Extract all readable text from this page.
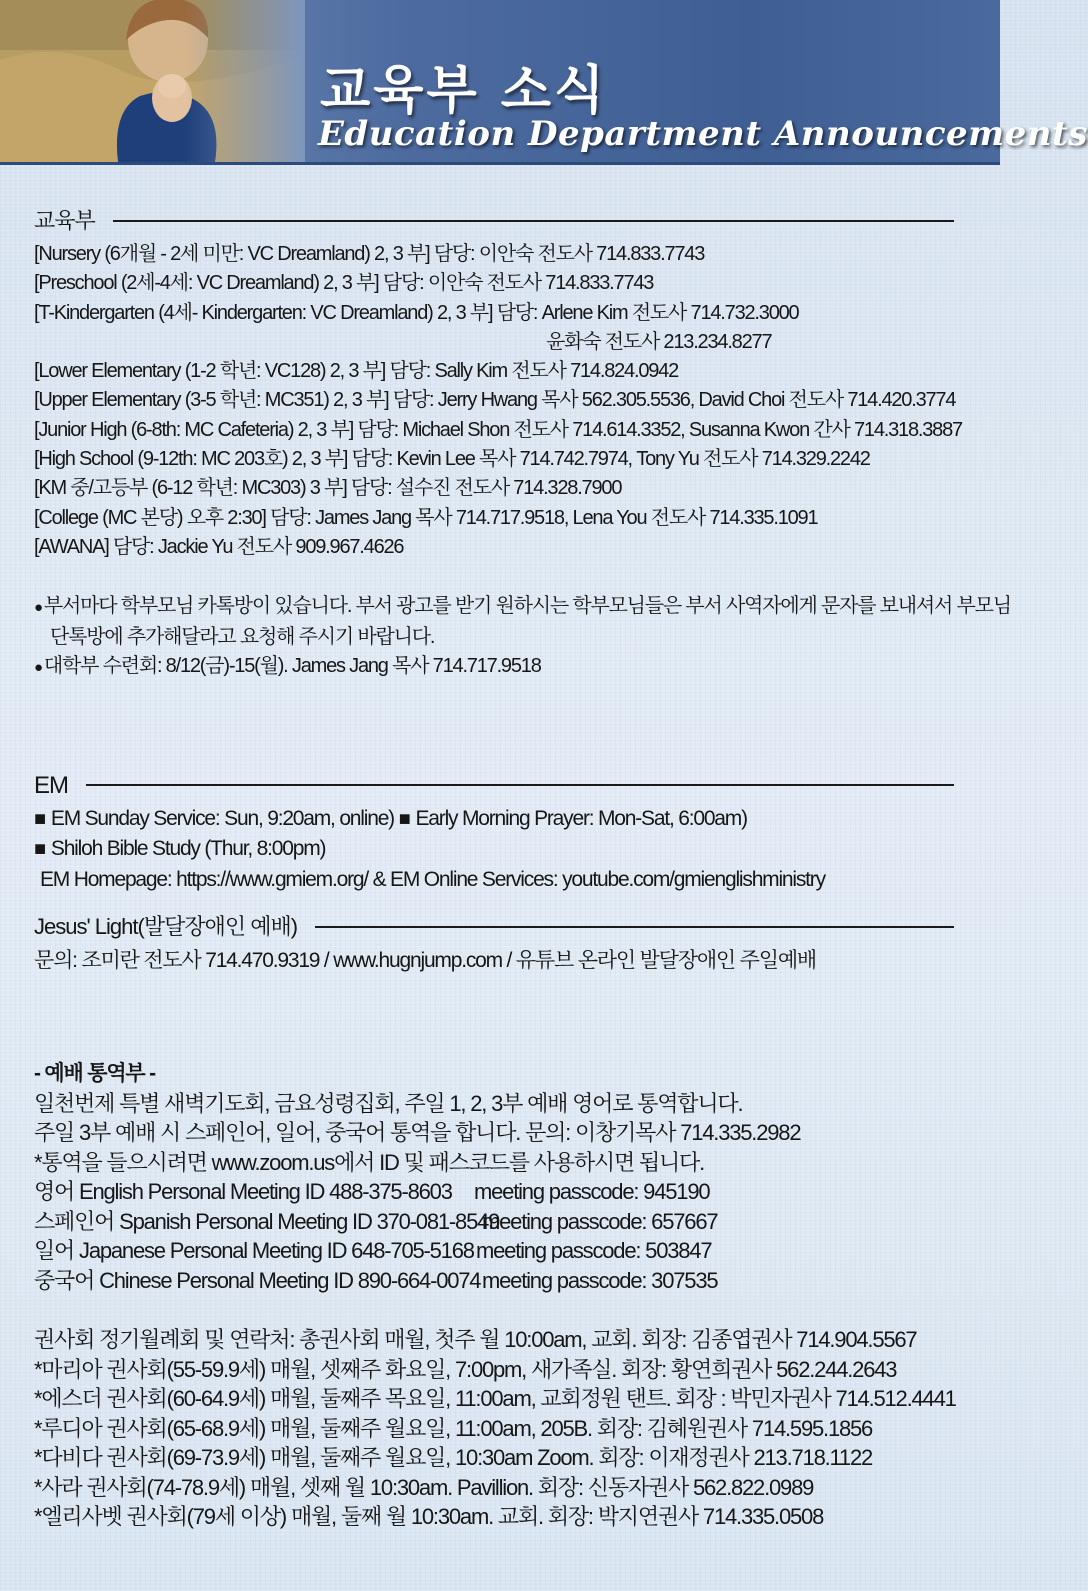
교육부 소식
Education Department Announcements
교육부
[Nursery (6개월 - 2세 미만: VC Dreamland) 2, 3 부] 담당: 이안숙 전도사 714.833.7743
[Preschool (2세-4세: VC Dreamland) 2, 3 부] 담당: 이안숙 전도사 714.833.7743
[T-Kindergarten (4세- Kindergarten: VC Dreamland) 2, 3 부] 담당: Arlene Kim 전도사 714.732.3000
윤화숙 전도사 213.234.8277
[Lower Elementary (1-2 학년: VC128) 2, 3 부] 담당: Sally Kim 전도사 714.824.0942
[Upper Elementary (3-5 학년: MC351) 2, 3 부] 담당: Jerry Hwang 목사 562.305.5536, David Choi 전도사 714.420.3774
[Junior High (6-8th: MC Cafeteria) 2, 3 부] 담당: Michael Shon 전도사 714.614.3352, Susanna Kwon 간사 714.318.3887
[High School (9-12th: MC 203호) 2, 3 부] 담당: Kevin Lee 목사 714.742.7974, Tony Yu 전도사 714.329.2242
[KM 중/고등부 (6-12 학년: MC303) 3 부] 담당: 설수진 전도사 714.328.7900
[College (MC 본당) 오후 2:30] 담당: James Jang 목사 714.717.9518, Lena You 전도사 714.335.1091
[AWANA] 담당: Jackie Yu 전도사 909.967.4626
● 부서마다 학부모님 카톡방이 있습니다. 부서 광고를 받기 원하시는 학부모님들은 부서 사역자에게 문자를 보내셔서 부모님
단톡방에 추가해달라고 요청해 주시기 바랍니다.
● 대학부 수련회: 8/12(금)-15(월). James Jang 목사 714.717.9518
EM
■ EM Sunday Service: Sun, 9:20am, online) ■ Early Morning Prayer: Mon-Sat, 6:00am)
■ Shiloh Bible Study (Thur, 8:00pm)
EM Homepage: https://www.gmiem.org/ & EM Online Services: youtube.com/gmienglishministry
Jesus' Light(발달장애인 예배)
문의: 조미란 전도사 714.470.9319 / www.hugnjump.com / 유튜브 온라인 발달장애인 주일예배
- 예배 통역부 -
일천번제 특별 새벽기도회, 금요성령집회, 주일 1, 2, 3부 예배 영어로 통역합니다.
주일 3부 예배 시 스페인어, 일어, 중국어 통역을 합니다. 문의: 이창기목사 714.335.2982
*통역을 들으시려면 www.zoom.us에서 ID 및 패스코드를 사용하시면 됩니다.
영어 English Personal Meeting ID 488-375-8603 meeting passcode: 945190
스페인어 Spanish Personal Meeting ID 370-081-8549meeting passcode: 657667
일어 Japanese Personal Meeting ID 648-705-5168 meeting passcode: 503847
중국어 Chinese Personal Meeting ID 890-664-0074meeting passcode: 307535
권사회 정기월례회 및 연락처: 총권사회 매월, 첫주 월 10:00am, 교회. 회장: 김종엽권사 714.904.5567
*마리아 권사회(55-59.9세) 매월, 셋째주 화요일, 7:00pm, 새가족실. 회장: 황연희권사 562.244.2643
*에스더 권사회(60-64.9세) 매월, 둘째주 목요일, 11:00am, 교회정원 탠트. 회장 : 박민자권사 714.512.4441
*루디아 권사회(65-68.9세) 매월, 둘째주 월요일, 11:00am, 205B. 회장: 김혜원권사 714.595.1856
*다비다 권사회(69-73.9세) 매월, 둘째주 월요일, 10:30am Zoom. 회장: 이재정권사 213.718.1122
*사라 권사회(74-78.9세) 매월, 셋째 월 10:30am. Pavillion. 회장: 신동자권사 562.822.0989
*엘리사벳 권사회(79세 이상) 매월, 둘째 월 10:30am. 교회. 회장: 박지연권사 714.335.0508
